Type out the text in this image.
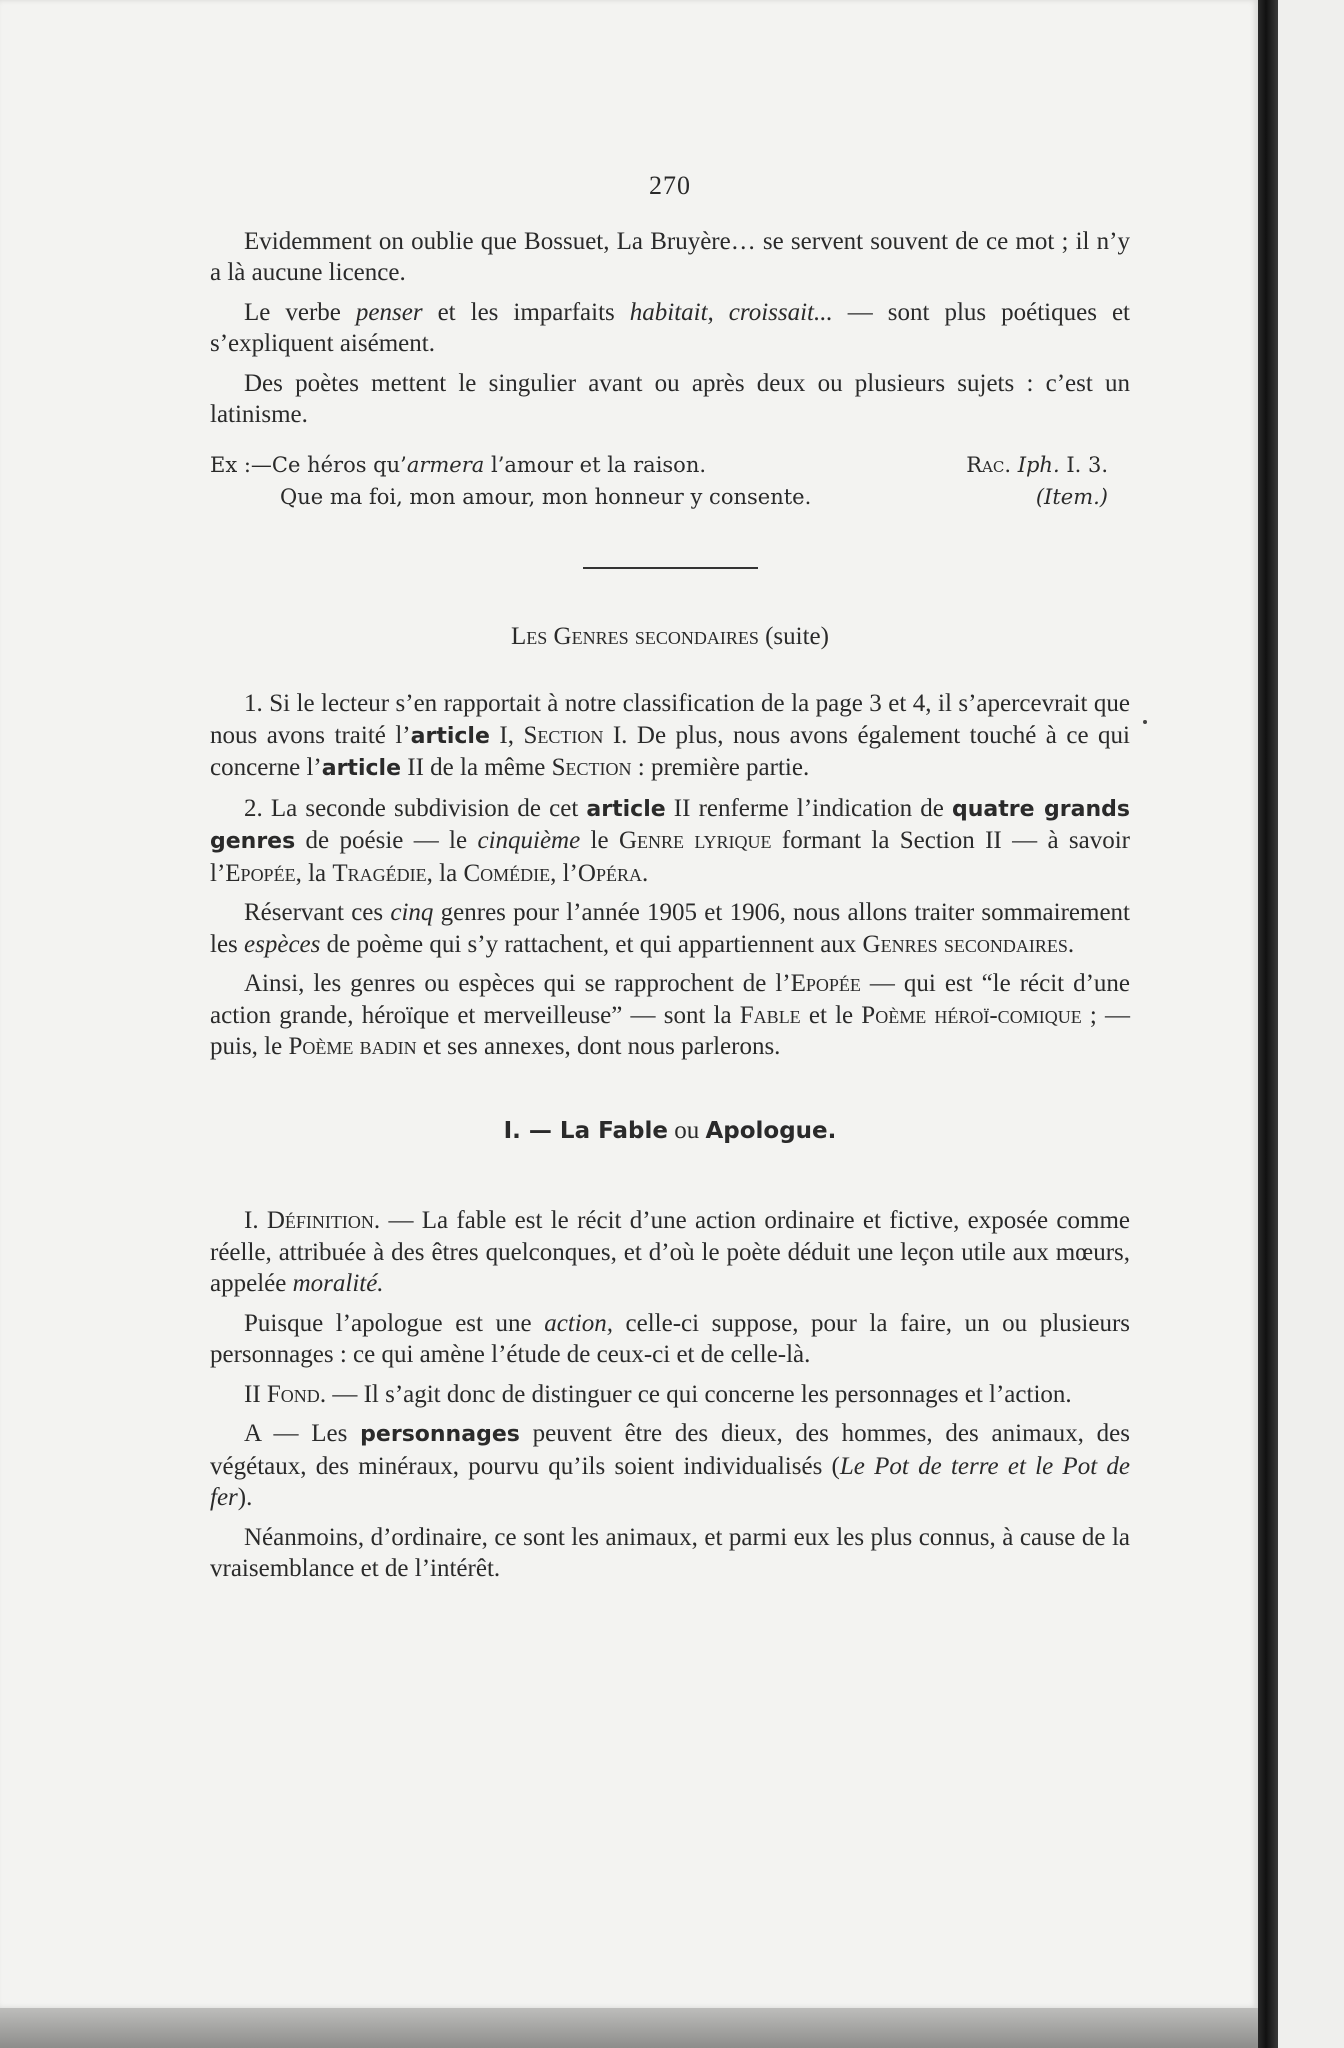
270

Evidemment on oublie que Bossuet, La Bruyère… se servent souvent de ce mot ; il n’y a là aucune licence.

Le verbe penser et les imparfaits habitait, croissait... — sont plus poétiques et s’expliquent aisément.

Des poètes mettent le singulier avant ou après deux ou plusieurs sujets : c’est un latinisme.

Ex :—Ce héros qu’armera l’amour et la raison.	Rac. Iph. I. 3.
Que ma foi, mon amour, mon honneur y consente.	(Item.)
Les Genres secondaires (suite)

1. Si le lecteur s’en rapportait à notre classification de la page 3 et 4, il s’apercevrait que nous avons traité l’article I, Section I. De plus, nous avons également touché à ce qui concerne l’article II de la même Section : première partie.

2. La seconde subdivision de cet article II renferme l’indication de quatre grands genres de poésie — le cinquième le Genre lyrique formant la Section II — à savoir l’Epopée, la Tragédie, la Comédie, l’Opéra.

Réservant ces cinq genres pour l’année 1905 et 1906, nous allons traiter sommairement les espèces de poème qui s’y rattachent, et qui appartiennent aux Genres secondaires.

Ainsi, les genres ou espèces qui se rapprochent de l’Epopée — qui est “le récit d’une action grande, héroïque et merveilleuse” — sont la Fable et le Poème héroï-comique ; — puis, le Poème badin et ses annexes, dont nous parlerons.

I. — La Fable ou Apologue.

I. Définition. — La fable est le récit d’une action ordinaire et fictive, exposée comme réelle, attribuée à des êtres quelconques, et d’où le poète déduit une leçon utile aux mœurs, appelée moralité.

Puisque l’apologue est une action, celle-ci suppose, pour la faire, un ou plusieurs personnages : ce qui amène l’étude de ceux-ci et de celle-là.

II Fond. — Il s’agit donc de distinguer ce qui concerne les personnages et l’action.

A — Les personnages peuvent être des dieux, des hommes, des animaux, des végétaux, des minéraux, pourvu qu’ils soient individualisés (Le Pot de terre et le Pot de fer).

Néanmoins, d’ordinaire, ce sont les animaux, et parmi eux les plus connus, à cause de la vraisemblance et de l’intérêt.
